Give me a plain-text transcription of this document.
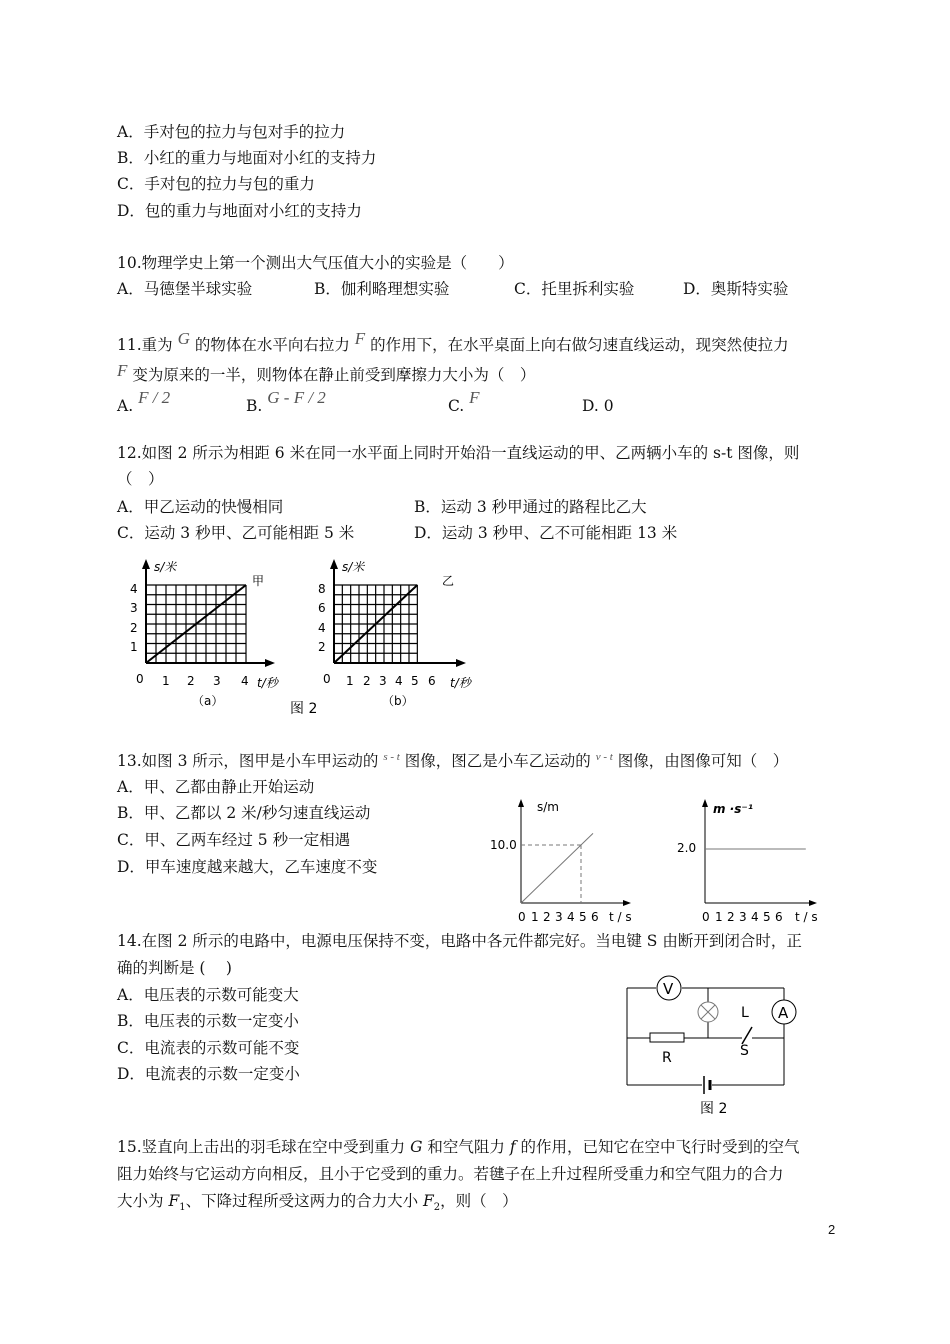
A．手对包的拉力与包对手的拉力
B．小红的重力与地面对小红的支持力
C．手对包的拉力与包的重力
D．包的重力与地面对小红的支持力
10.物理学史上第一个测出大气压值大小的实验是（　　）
A．马德堡半球实验	B．伽利略理想实验	C．托里拆利实验	D．奥斯特实验
11.重为 G 的物体在水平向右拉力 F 的作用下，在水平桌面上向右做匀速直线运动，现突然使拉力
F 变为原来的一半，则物体在静止前受到摩擦力大小为（　）
A. F / 2	B. G - F / 2	C. F	D. 0
12.如图 2 所示为相距 6 米在同一水平面上同时开始沿一直线运动的甲、乙两辆小车的 s-t 图像，则
（　）
A．甲乙运动的快慢相同	B．运动 3 秒甲通过的路程比乙大
C．运动 3 秒甲、乙可能相距 5 米	D．运动 3 秒甲、乙不可能相距 13 米
s/米
甲
0	t/秒
4
3
2
1
1 2 3 4
（a）
s/米
乙
0	t/秒
8
6
4
2
1 2 3 4 5 6
（b）
图 2
13.如图 3 所示，图甲是小车甲运动的 $^{s - t}$ 图像，图乙是小车乙运动的 $^{v - t}$ 图像，由图像可知（　）
A．甲、乙都由静止开始运动
B．甲、乙都以 2 米/秒匀速直线运动
C．甲、乙两车经过 5 秒一定相遇
D．甲车速度越来越大，乙车速度不变
s/m
10.0
0 1 2 3 4 5 6 t / s
m ·s⁻¹
2.0
0 1 2 3 4 5 6 t / s
14.在图 2 所示的电路中，电源电压保持不变，电路中各元件都完好。当电键 S 由断开到闭合时，正
确的判断是 (　 )
A．电压表的示数可能变大
B．电压表的示数一定变小
C．电流表的示数可能不变
D．电流表的示数一定变小
V
L A
R	S
图 2
15.竖直向上击出的羽毛球在空中受到重力 G 和空气阻力 f 的作用，已知它在空中飞行时受到的空气
阻力始终与它运动方向相反，且小于它受到的重力。若毽子在上升过程所受重力和空气阻力的合力
大小为 $F_1$、下降过程所受这两力的合力大小 $F_2$，则（　）
2
